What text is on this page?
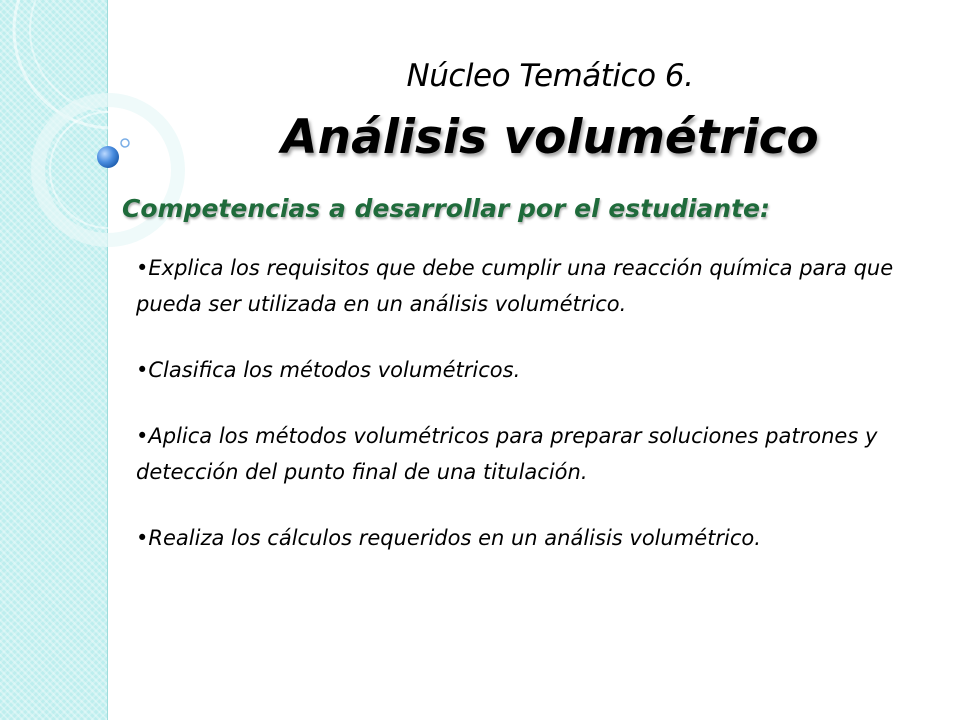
Núcleo Temático 6.
Análisis volumétrico
Competencias a desarrollar por el estudiante:
• Explica los requisitos que debe cumplir una reacción química para que pueda ser utilizada en un análisis volumétrico.
• Clasifica los métodos volumétricos.
• Aplica los métodos volumétricos para preparar soluciones patrones y detección del punto final de una titulación.
• Realiza los cálculos requeridos en un análisis volumétrico.
